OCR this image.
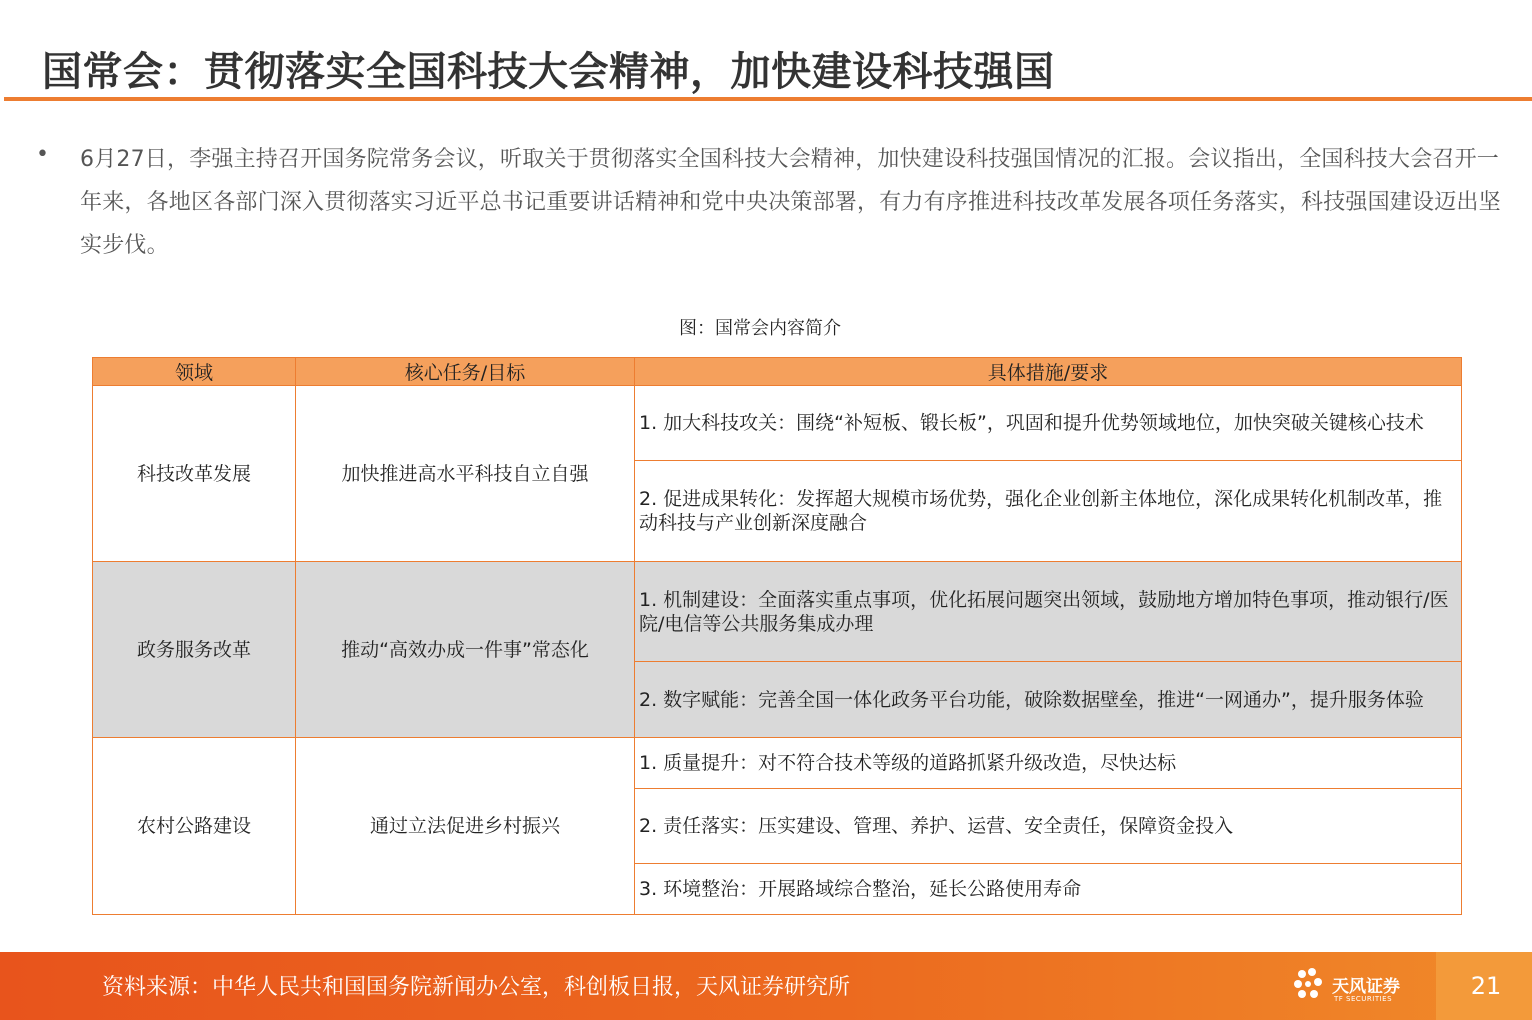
国常会：贯彻落实全国科技大会精神，加快建设科技强国
• 6月27日，李强主持召开国务院常务会议，听取关于贯彻落实全国科技大会精神，加快建设科技强国情况的汇报。会议指出，全国科技大会召开一年来，各地区各部门深入贯彻落实习近平总书记重要讲话精神和党中央决策部署，有力有序推进科技改革发展各项任务落实，科技强国建设迈出坚实步伐。
图：国常会内容简介
领域	核心任务/目标	具体措施/要求
科技改革发展	加快推进高水平科技自立自强	1. 加大科技攻关：围绕“补短板、锻长板”，巩固和提升优势领域地位，加快突破关键核心技术
		2. 促进成果转化：发挥超大规模市场优势，强化企业创新主体地位，深化成果转化机制改革，推动科技与产业创新深度融合
政务服务改革	推动“高效办成一件事”常态化	1. 机制建设：全面落实重点事项，优化拓展问题突出领域，鼓励地方增加特色事项，推动银行/医院/电信等公共服务集成办理
		2. 数字赋能：完善全国一体化政务平台功能，破除数据壁垒，推进“一网通办”，提升服务体验
农村公路建设	通过立法促进乡村振兴	1. 质量提升：对不符合技术等级的道路抓紧升级改造，尽快达标
		2. 责任落实：压实建设、管理、养护、运营、安全责任，保障资金投入
		3. 环境整治：开展路域综合整治，延长公路使用寿命
资料来源：中华人民共和国国务院新闻办公室，科创板日报，天风证券研究所	天风证券
TF SECURITIES	21
